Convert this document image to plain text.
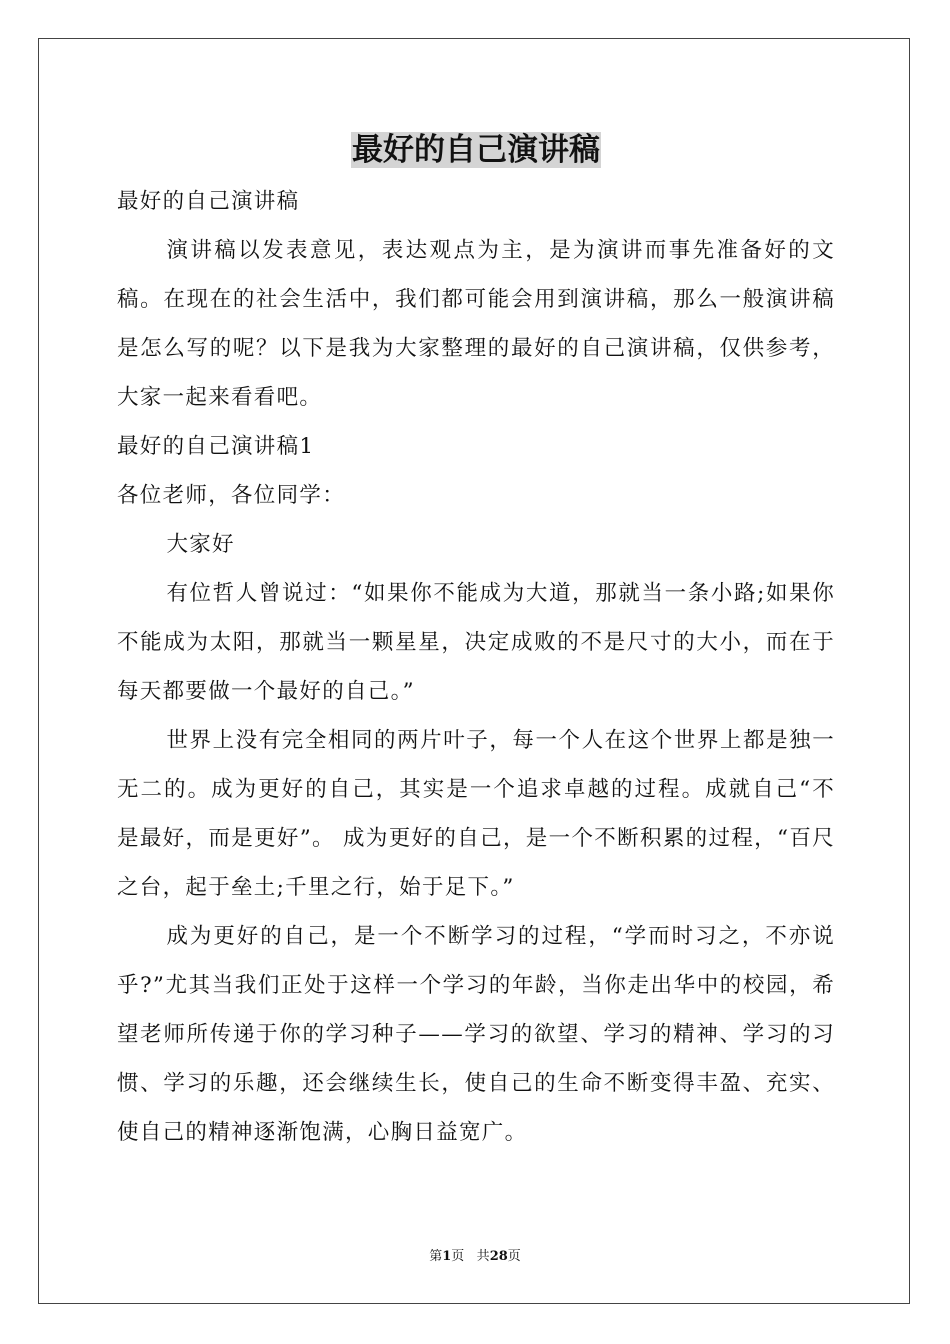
最好的自己演讲稿

最好的自己演讲稿

演讲稿以发表意见，表达观点为主，是为演讲而事先准备好的文稿。在现在的社会生活中，我们都可能会用到演讲稿，那么一般演讲稿是怎么写的呢？以下是我为大家整理的最好的自己演讲稿，仅供参考，大家一起来看看吧。

最好的自己演讲稿1

各位老师，各位同学：

大家好

有位哲人曾说过：“如果你不能成为大道，那就当一条小路;如果你不能成为太阳，那就当一颗星星，决定成败的不是尺寸的大小，而在于每天都要做一个最好的自己。”

世界上没有完全相同的两片叶子，每一个人在这个世界上都是独一无二的。成为更好的自己，其实是一个追求卓越的过程。成就自己“不是最好，而是更好”。 成为更好的自己，是一个不断积累的过程，“百尺之台，起于垒土;千里之行，始于足下。”

成为更好的自己，是一个不断学习的过程，“学而时习之，不亦说乎?”尤其当我们正处于这样一个学习的年龄，当你走出华中的校园，希望老师所传递于你的学习种子——学习的欲望、学习的精神、学习的习惯、学习的乐趣，还会继续生长，使自己的生命不断变得丰盈、充实、使自己的精神逐渐饱满，心胸日益宽广。

第1页 共28页
